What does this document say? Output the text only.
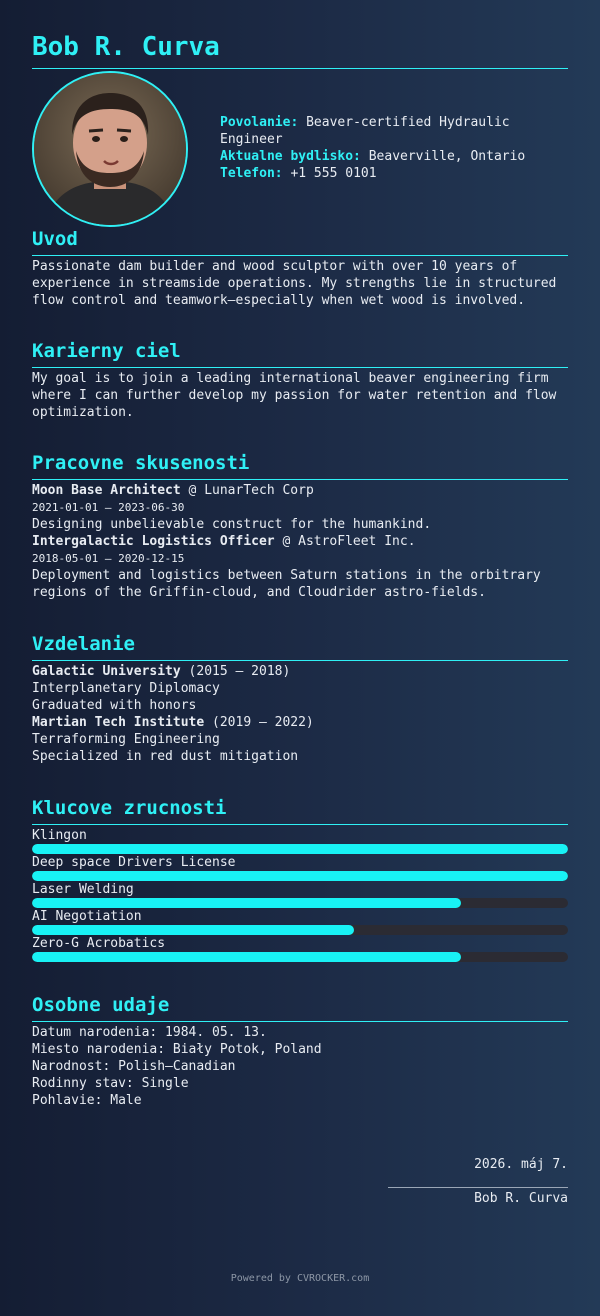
Bob R. Curva
Povolanie: Beaver-certified Hydraulic Engineer
Aktualne bydlisko: Beaverville, Ontario
Telefon: +1 555 0101
Uvod

Passionate dam builder and wood sculptor with over 10 years of experience in streamside operations. My strengths lie in structured flow control and teamwork—especially when wet wood is involved.

Karierny ciel

My goal is to join a leading international beaver engineering firm where I can further develop my passion for water retention and flow optimization.

Pracovne skusenosti
Moon Base Architect @ LunarTech Corp
2021-01-01 – 2023-06-30
Designing unbelievable construct for the humankind.
Intergalactic Logistics Officer @ AstroFleet Inc.
2018-05-01 – 2020-12-15
Deployment and logistics between Saturn stations in the orbitrary regions of the Griffin-cloud, and Cloudrider astro-fields.
Vzdelanie
Galactic University (2015 – 2018)
Interplanetary Diplomacy
Graduated with honors
Martian Tech Institute (2019 – 2022)
Terraforming Engineering
Specialized in red dust mitigation
Klucove zrucnosti
Klingon
Deep space Drivers License
Laser Welding
AI Negotiation
Zero-G Acrobatics
Osobne udaje
Datum narodenia: 1984. 05. 13.
Miesto narodenia: Biały Potok, Poland
Narodnost: Polish–Canadian
Rodinny stav: Single
Pohlavie: Male
2026. máj 7.
Bob R. Curva
Powered by CVROCKER.com
